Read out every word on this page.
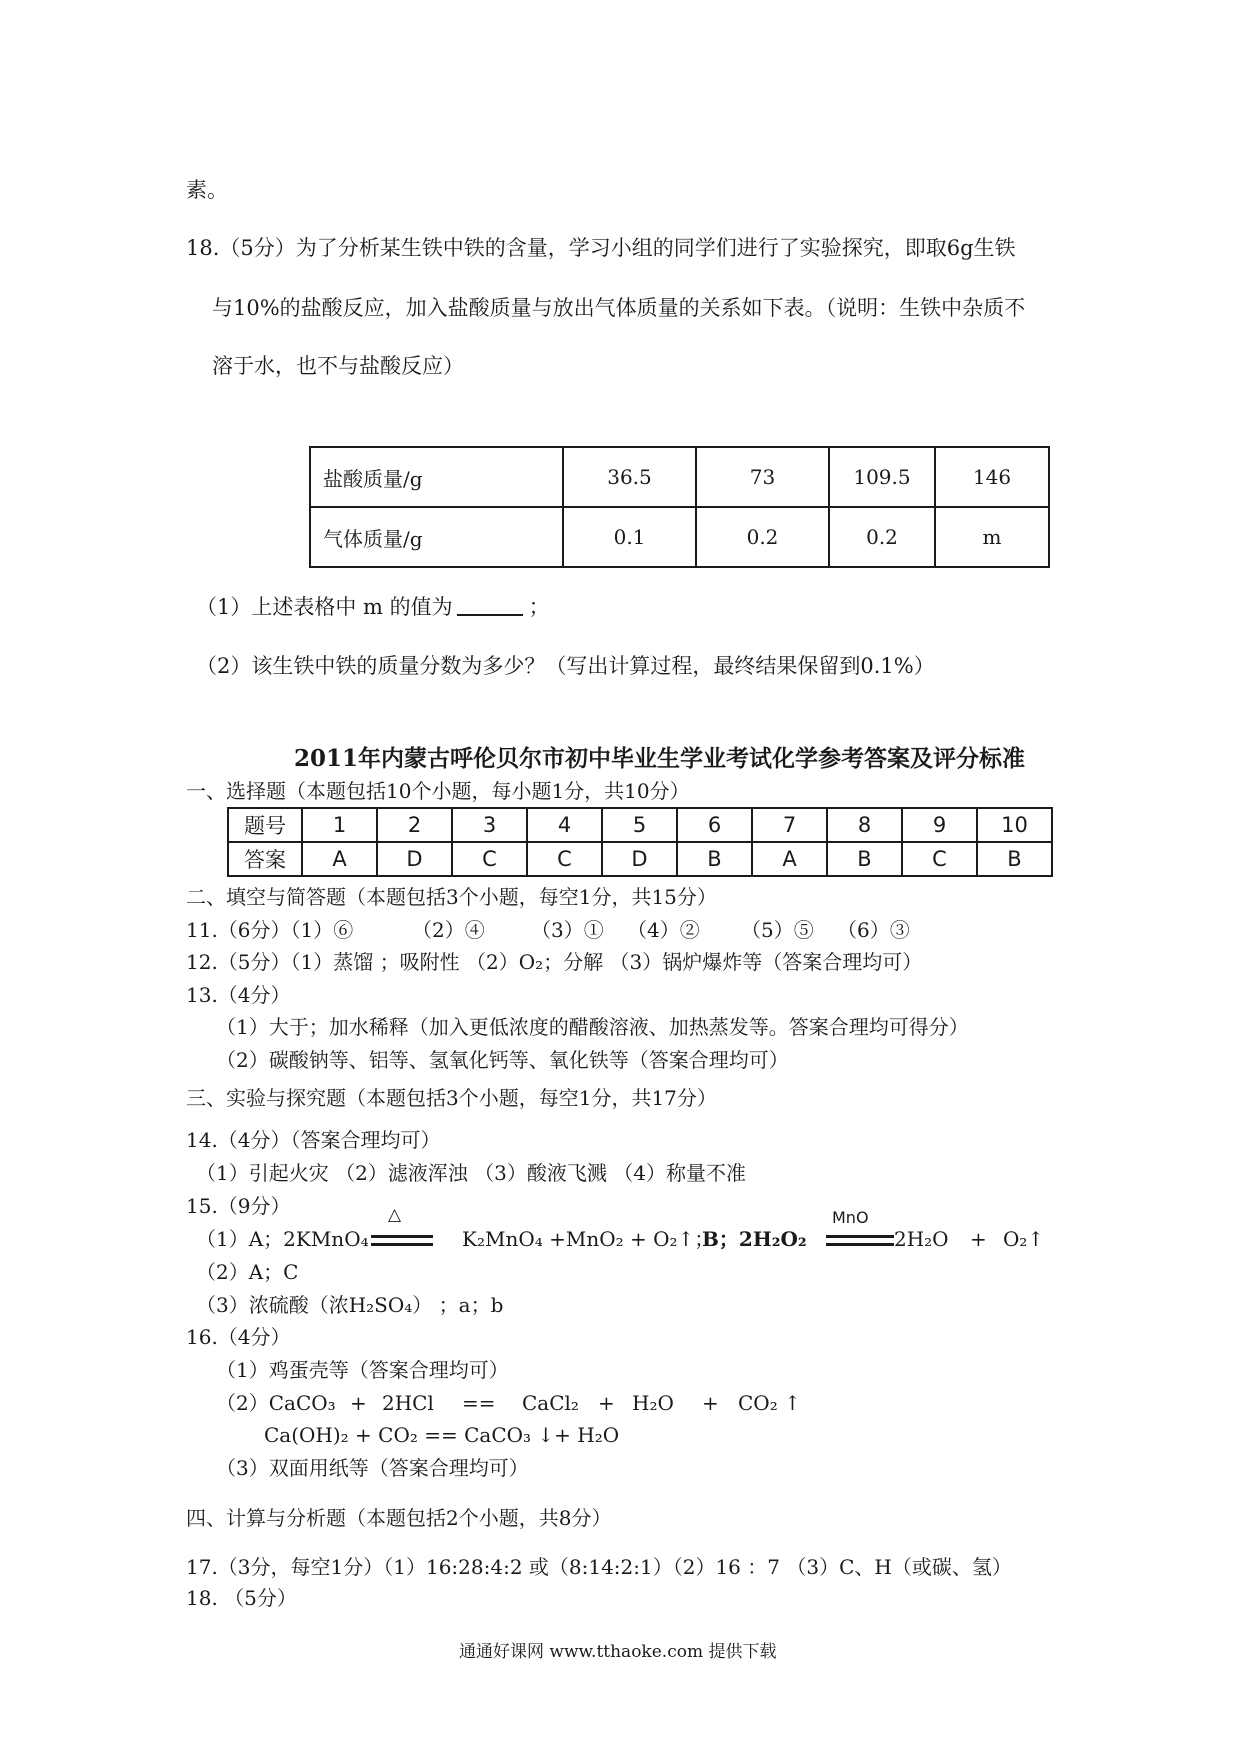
素。
18.（5分）为了分析某生铁中铁的含量，学习小组的同学们进行了实验探究，即取6g生铁
与10%的盐酸反应，加入盐酸质量与放出气体质量的关系如下表。（说明：生铁中杂质不
溶于水，也不与盐酸反应）
盐酸质量/g	36.5	73	109.5	146
气体质量/g	0.1	0.2	0.2	m
（1）上述表格中 m 的值为	；
（2）该生铁中铁的质量分数为多少？（写出计算过程，最终结果保留到0.1%）
2011年内蒙古呼伦贝尔市初中毕业生学业考试化学参考答案及评分标准
一、选择题（本题包括10个小题，每小题1分，共10分）
题号	1	2	3	4	5	6	7	8	9	10
答案	A	D	C	C	D	B	A	B	C	B
二、填空与简答题（本题包括3个小题，每空1分，共15分）
11.（6分）（1）⑥	（2）④ （3）① （4）② （5）⑤ （6）③
12.（5分）（1）蒸馏 ；吸附性 （2）O₂；分解 （3）锅炉爆炸等（答案合理均可）
13.（4分）
（1）大于；加水稀释（加入更低浓度的醋酸溶液、加热蒸发等。答案合理均可得分）
（2）碳酸钠等、铝等、氢氧化钙等、氧化铁等（答案合理均可）
三、实验与探究题（本题包括3个小题，每空1分，共17分）
14.（4分）（答案合理均可）
（1）引起火灾 （2）滤液浑浊 （3）酸液飞溅 （4）称量不准
15.（9分）
（1）A；2KMnO₄
△
K₂MnO₄ +MnO₂ + O₂↑；
B；2H₂O₂
MnO
2H₂O + O₂↑
（2）A；C
（3）浓硫酸（浓H₂SO₄） ；a；b
16.（4分）
（1）鸡蛋壳等（答案合理均可）
（2）CaCO₃ + 2HCl == CaCl₂ + H₂O + CO₂ ↑
Ca(OH)₂ + CO₂ == CaCO₃ ↓+ H₂O
（3）双面用纸等（答案合理均可）
四、计算与分析题（本题包括2个小题，共8分）
17.（3分，每空1分）（1）16:28:4:2 或（8:14:2:1）（2）16 ：7 （3）C、H（或碳、氢）
18. （5分）
通通好课网 www.tthaoke.com 提供下载
